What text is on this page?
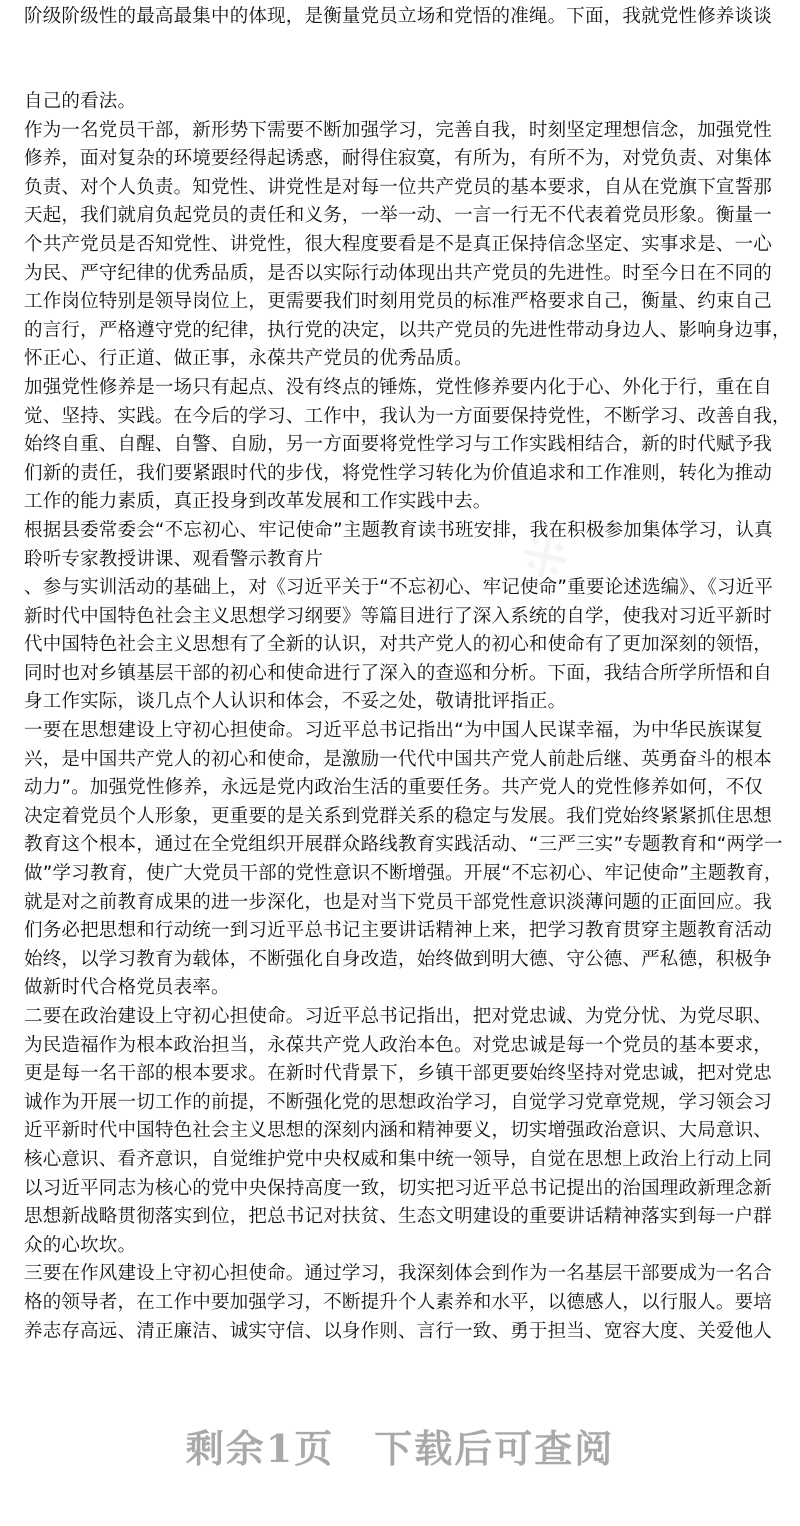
※

阶级阶级性的最高最集中的体现，是衡量党员立场和党悟的准绳。下面，我就党性修养谈谈
自己的看法。
作为一名党员干部，新形势下需要不断加强学习，完善自我，时刻坚定理想信念，加强党性
修养，面对复杂的环境要经得起诱惑，耐得住寂寞，有所为，有所不为，对党负责、对集体
负责、对个人负责。知党性、讲党性是对每一位共产党员的基本要求，自从在党旗下宣誓那
天起，我们就肩负起党员的责任和义务，一举一动、一言一行无不代表着党员形象。衡量一
个共产党员是否知党性、讲党性，很大程度要看是不是真正保持信念坚定、实事求是、一心
为民、严守纪律的优秀品质，是否以实际行动体现出共产党员的先进性。时至今日在不同的
工作岗位特别是领导岗位上，更需要我们时刻用党员的标准严格要求自己，衡量、约束自己
的言行，严格遵守党的纪律，执行党的决定，以共产党员的先进性带动身边人、影响身边事，
怀正心、行正道、做正事，永葆共产党员的优秀品质。
加强党性修养是一场只有起点、没有终点的锤炼，党性修养要内化于心、外化于行，重在自
觉、坚持、实践。在今后的学习、工作中，我认为一方面要保持党性，不断学习、改善自我，
始终自重、自醒、自警、自励，另一方面要将党性学习与工作实践相结合，新的时代赋予我
们新的责任，我们要紧跟时代的步伐，将党性学习转化为价值追求和工作准则，转化为推动
工作的能力素质，真正投身到改革发展和工作实践中去。
根据县委常委会“不忘初心、牢记使命”主题教育读书班安排，我在积极参加集体学习，认真
聆听专家教授讲课、观看警示教育片
、参与实训活动的基础上，对《习近平关于“不忘初心、牢记使命”重要论述选编》、《习近平
新时代中国特色社会主义思想学习纲要》等篇目进行了深入系统的自学，使我对习近平新时
代中国特色社会主义思想有了全新的认识，对共产党人的初心和使命有了更加深刻的领悟，
同时也对乡镇基层干部的初心和使命进行了深入的查巡和分析。下面，我结合所学所悟和自
身工作实际，谈几点个人认识和体会，不妥之处，敬请批评指正。
一要在思想建设上守初心担使命。习近平总书记指出“为中国人民谋幸福，为中华民族谋复
兴，是中国共产党人的初心和使命，是激励一代代中国共产党人前赴后继、英勇奋斗的根本
动力”。加强党性修养，永远是党内政治生活的重要任务。共产党人的党性修养如何，不仅
决定着党员个人形象，更重要的是关系到党群关系的稳定与发展。我们党始终紧紧抓住思想
教育这个根本，通过在全党组织开展群众路线教育实践活动、“三严三实”专题教育和“两学一
做”学习教育，使广大党员干部的党性意识不断增强。开展“不忘初心、牢记使命”主题教育，
就是对之前教育成果的进一步深化，也是对当下党员干部党性意识淡薄问题的正面回应。我
们务必把思想和行动统一到习近平总书记主要讲话精神上来，把学习教育贯穿主题教育活动
始终，以学习教育为载体，不断强化自身改造，始终做到明大德、守公德、严私德，积极争
做新时代合格党员表率。
二要在政治建设上守初心担使命。习近平总书记指出，把对党忠诚、为党分忧、为党尽职、
为民造福作为根本政治担当，永葆共产党人政治本色。对党忠诚是每一个党员的基本要求，
更是每一名干部的根本要求。在新时代背景下，乡镇干部更要始终坚持对党忠诚，把对党忠
诚作为开展一切工作的前提，不断强化党的思想政治学习，自觉学习党章党规，学习领会习
近平新时代中国特色社会主义思想的深刻内涵和精神要义，切实增强政治意识、大局意识、
核心意识、看齐意识，自觉维护党中央权威和集中统一领导，自觉在思想上政治上行动上同
以习近平同志为核心的党中央保持高度一致，切实把习近平总书记提出的治国理政新理念新
思想新战略贯彻落实到位，把总书记对扶贫、生态文明建设的重要讲话精神落实到每一户群
众的心坎坎。
三要在作风建设上守初心担使命。通过学习，我深刻体会到作为一名基层干部要成为一名合
格的领导者，在工作中要加强学习，不断提升个人素养和水平，以德感人，以行服人。要培
养志存高远、清正廉洁、诚实守信、以身作则、言行一致、勇于担当、宽容大度、关爱他人
剩余1页 下载后可查阅
